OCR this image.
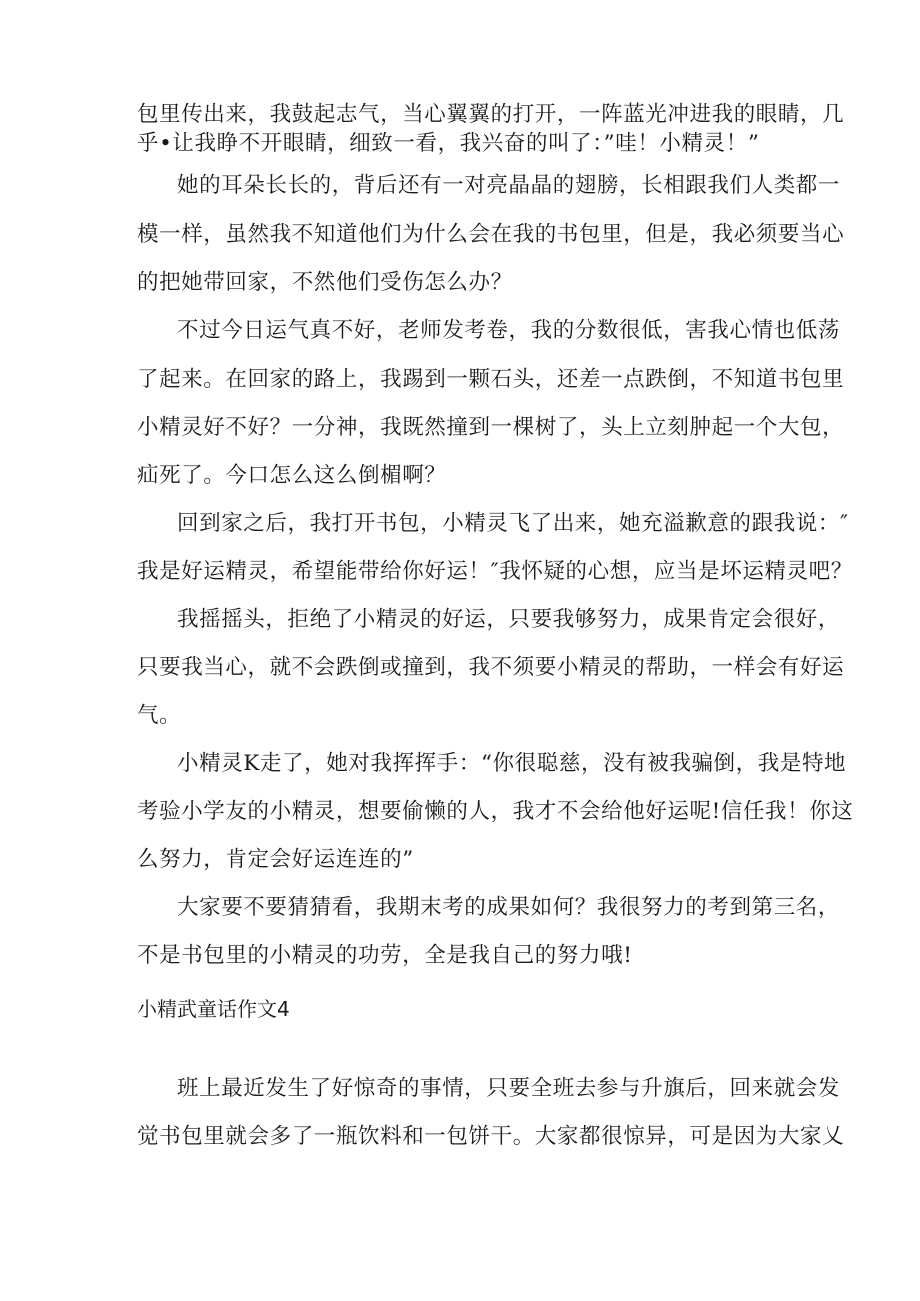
包里传出来，我鼓起志气，当心翼翼的打开，一阵蓝光冲进我的眼睛，几
乎•让我睁不开眼睛，细致一看，我兴奋的叫了：”哇！小精灵！”
她的耳朵长长的，背后还有一对亮晶晶的翅膀，长相跟我们人类都一
模一样，虽然我不知道他们为什么会在我的书包里，但是，我必须要当心
的把她带回家，不然他们受伤怎么办？
不过今日运气真不好，老师发考卷，我的分数很低，害我心情也低荡
了起来。在回家的路上，我踢到一颗石头，还差一点跌倒，不知道书包里
小精灵好不好？一分神，我既然撞到一棵树了，头上立刻肿起一个大包，
疝死了。今口怎么这么倒楣啊？
回到家之后，我打开书包，小精灵飞了出来，她充溢歉意的跟我说：″
我是好运精灵，希望能带给你好运！″我怀疑的心想，应当是坏运精灵吧？
我摇摇头，拒绝了小精灵的好运，只要我够努力，成果肯定会很好，
只要我当心，就不会跌倒或撞到，我不须要小精灵的帮助，一样会有好运
气。
小精灵K走了，她对我挥挥手：“你很聪慈，没有被我骗倒，我是特地
考验小学友的小精灵，想要偷懒的人，我才不会给他好运呢!信任我！你这
么努力，肯定会好运连连的”
大家要不要猜猜看，我期末考的成果如何？我很努力的考到第三名，
不是书包里的小精灵的功劳，全是我自己的努力哦!
小精武童话作文4
班上最近发生了好惊奇的事情，只要全班去参与升旗后，回来就会发
觉书包里就会多了一瓶饮料和一包饼干。大家都很惊异，可是因为大家乂
